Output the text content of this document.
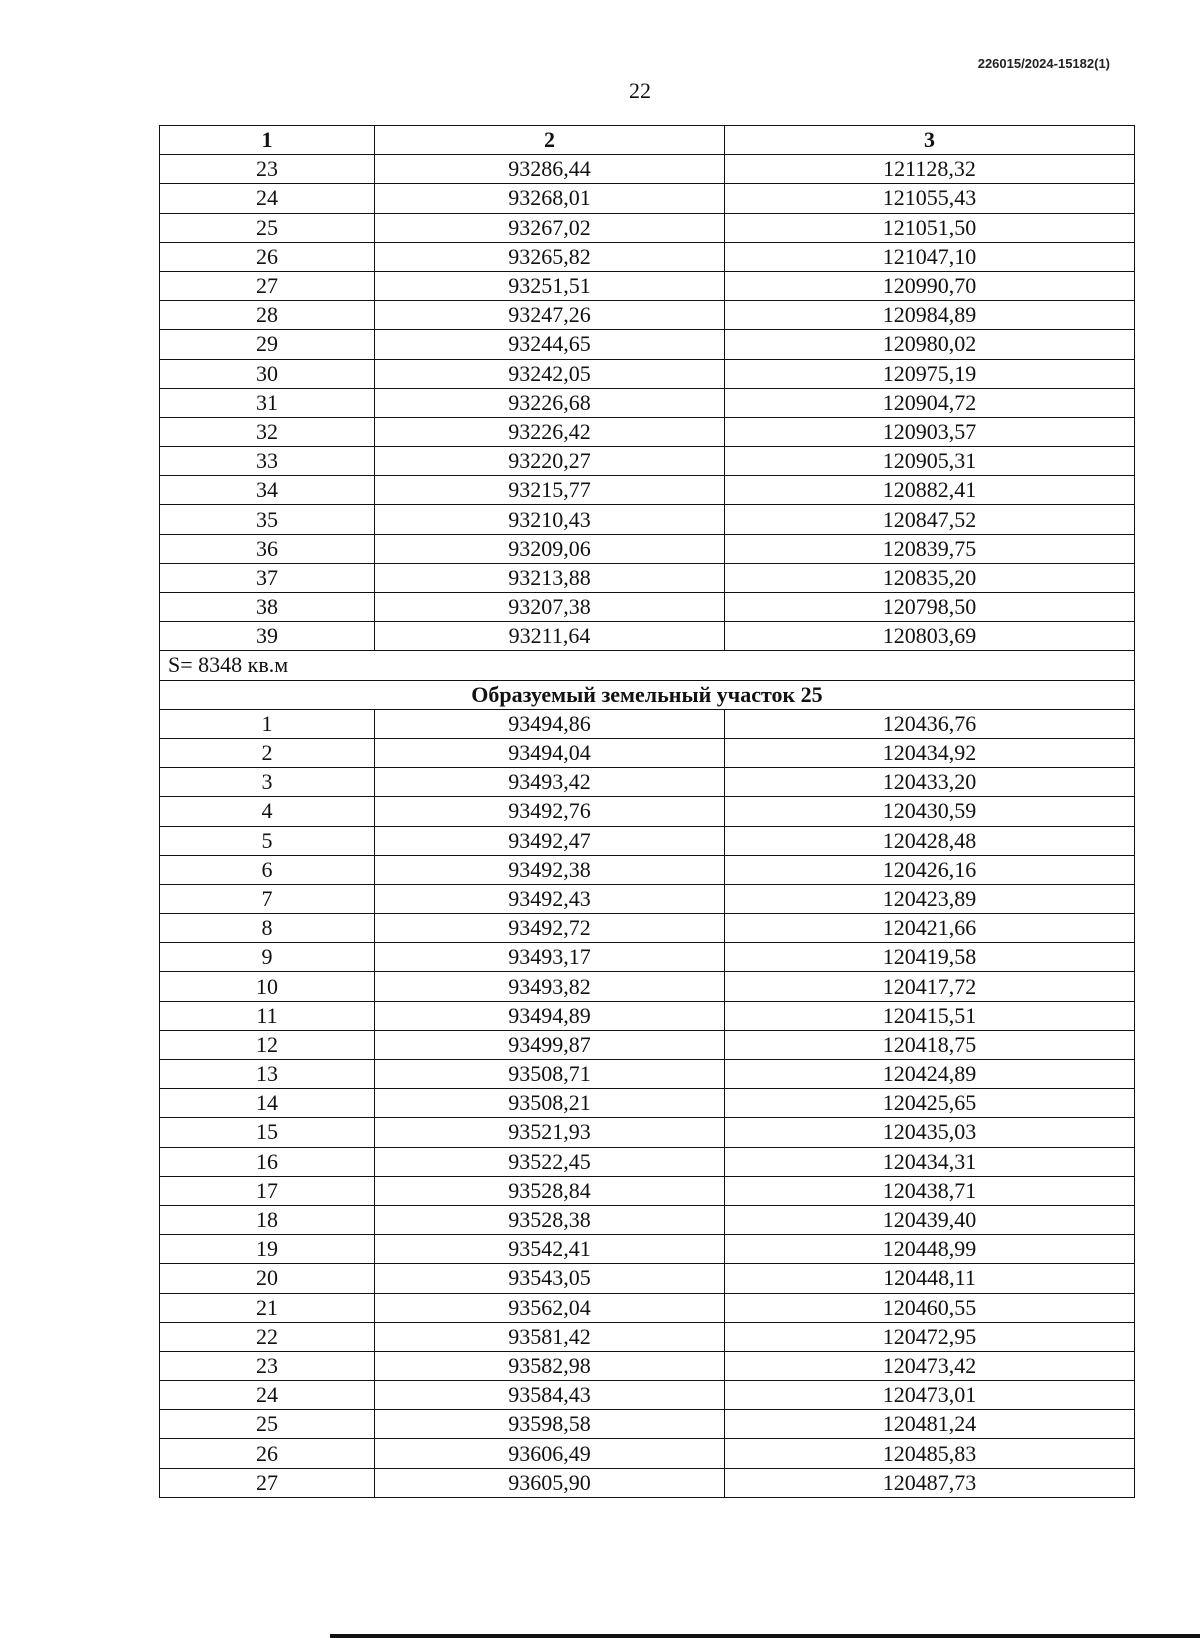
226015/2024-15182(1)
22
1	2	3
23	93286,44	121128,32
24	93268,01	121055,43
25	93267,02	121051,50
26	93265,82	121047,10
27	93251,51	120990,70
28	93247,26	120984,89
29	93244,65	120980,02
30	93242,05	120975,19
31	93226,68	120904,72
32	93226,42	120903,57
33	93220,27	120905,31
34	93215,77	120882,41
35	93210,43	120847,52
36	93209,06	120839,75
37	93213,88	120835,20
38	93207,38	120798,50
39	93211,64	120803,69
S= 8348 кв.м		
Образуемый земельный участок 25		
1	93494,86	120436,76
2	93494,04	120434,92
3	93493,42	120433,20
4	93492,76	120430,59
5	93492,47	120428,48
6	93492,38	120426,16
7	93492,43	120423,89
8	93492,72	120421,66
9	93493,17	120419,58
10	93493,82	120417,72
11	93494,89	120415,51
12	93499,87	120418,75
13	93508,71	120424,89
14	93508,21	120425,65
15	93521,93	120435,03
16	93522,45	120434,31
17	93528,84	120438,71
18	93528,38	120439,40
19	93542,41	120448,99
20	93543,05	120448,11
21	93562,04	120460,55
22	93581,42	120472,95
23	93582,98	120473,42
24	93584,43	120473,01
25	93598,58	120481,24
26	93606,49	120485,83
27	93605,90	120487,73
